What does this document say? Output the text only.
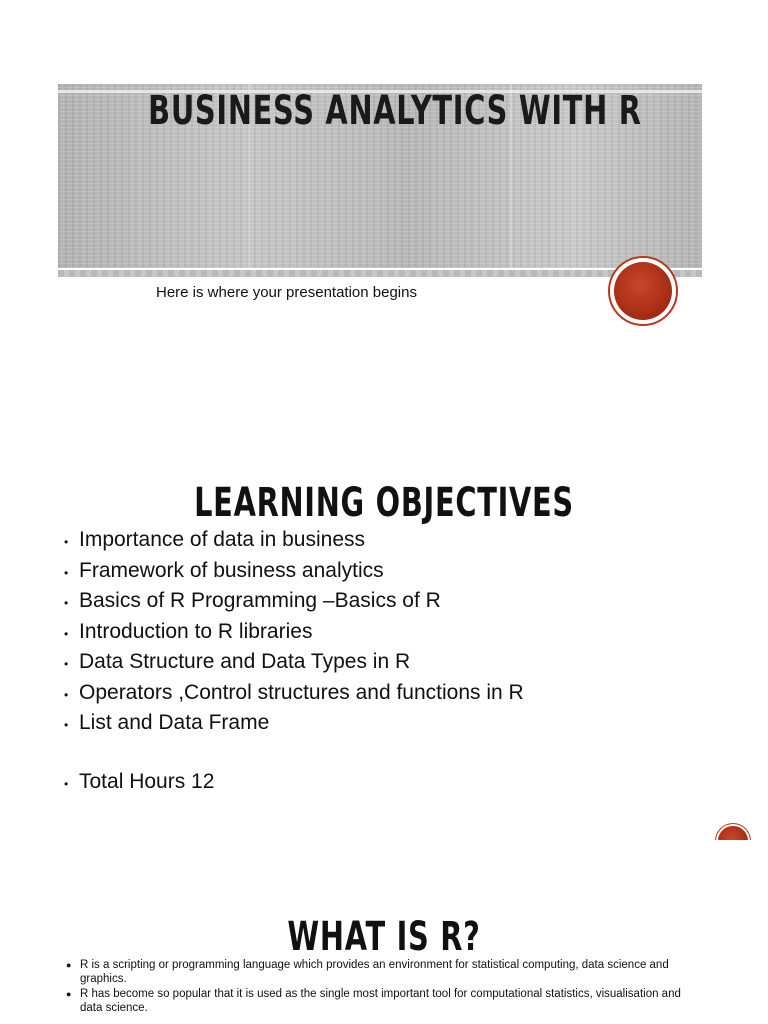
BUSINESS ANALYTICS WITH R
Here is where your presentation begins
LEARNING OBJECTIVES
• Importance of data in business
• Framework of business analytics
• Basics of R Programming –Basics of R
• Introduction to R libraries
• Data Structure and Data Types in R
• Operators ,Control structures and functions in R
• List and Data Frame
• Total Hours 12
WHAT IS R?
● R is a scripting or programming language which provides an environment for statistical computing, data science and graphics.
● R has become so popular that it is used as the single most important tool for computational statistics, visualisation and data science.
